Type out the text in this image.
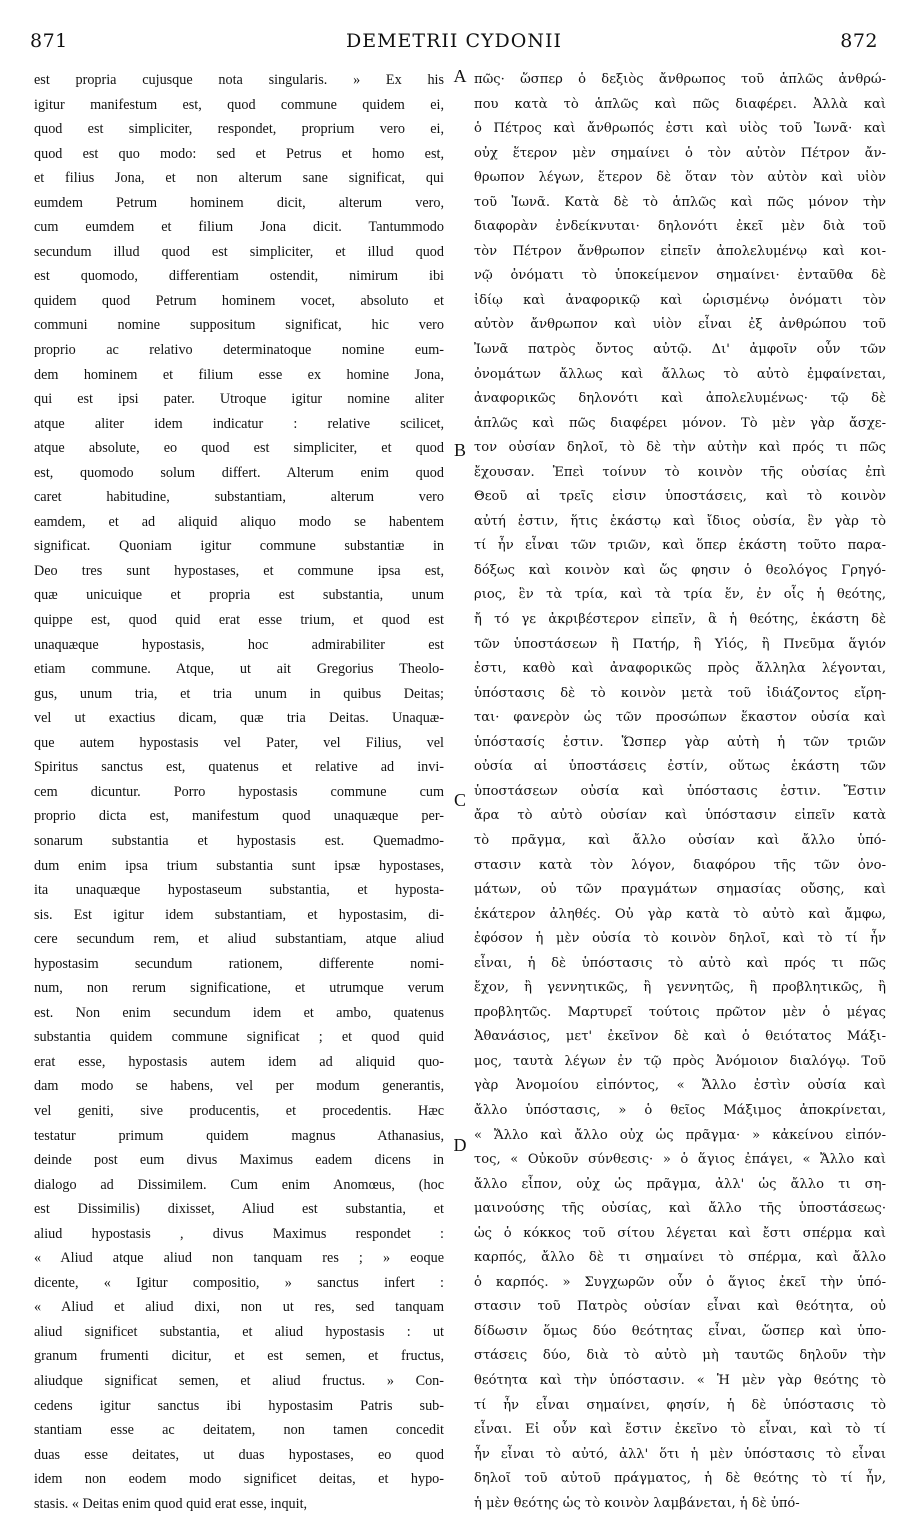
871	DEMETRII CYDONII	872
est propria cujusque nota singularis. » Ex his
igitur manifestum est, quod commune quidem ei,
quod est simpliciter, respondet, proprium vero ei,
quod est quo modo: sed et Petrus et homo est,
et filius Jona, et non alterum sane significat, qui
eumdem Petrum hominem dicit, alterum vero,
cum eumdem et filium Jona dicit. Tantummodo
secundum illud quod est simpliciter, et illud quod
est quomodo, differentiam ostendit, nimirum ibi
quidem quod Petrum hominem vocet, absoluto et
communi nomine suppositum significat, hic vero
proprio ac relativo determinatoque nomine eum-
dem hominem et filium esse ex homine Jona,
qui est ipsi pater. Utroque igitur nomine aliter
atque aliter idem indicatur : relative scilicet,
atque absolute, eo quod est simpliciter, et quod
est, quomodo solum differt. Alterum enim quod
caret habitudine, substantiam, alterum vero
eamdem, et ad aliquid aliquo modo se habentem
significat. Quoniam igitur commune substantiæ in
Deo tres sunt hypostases, et commune ipsa est,
quæ unicuique et propria est substantia, unum
quippe est, quod quid erat esse trium, et quod est
unaquæque hypostasis, hoc admirabiliter est
etiam commune. Atque, ut ait Gregorius Theolo-
gus, unum tria, et tria unum in quibus Deitas;
vel ut exactius dicam, quæ tria Deitas. Unaquæ-
que autem hypostasis vel Pater, vel Filius, vel
Spiritus sanctus est, quatenus et relative ad invi-
cem dicuntur. Porro hypostasis commune cum
proprio dicta est, manifestum quod unaquæque per-
sonarum substantia et hypostasis est. Quemadmo-
dum enim ipsa trium substantia sunt ipsæ hypostases,
ita unaquæque hypostaseum substantia, et hyposta-
sis. Est igitur idem substantiam, et hypostasim, di-
cere secundum rem, et aliud substantiam, atque aliud
hypostasim secundum rationem, differente nomi-
num, non rerum significatione, et utrumque verum
est. Non enim secundum idem et ambo, quatenus
substantia quidem commune significat ; et quod quid
erat esse, hypostasis autem idem ad aliquid quo-
dam modo se habens, vel per modum generantis,
vel geniti, sive producentis, et procedentis. Hæc
testatur primum quidem magnus Athanasius,
deinde post eum divus Maximus eadem dicens in
dialogo ad Dissimilem. Cum enim Anomœus, (hoc
est Dissimilis) dixisset, Aliud est substantia, et
aliud hypostasis , divus Maximus respondet :
« Aliud atque aliud non tanquam res ; » eoque
dicente, « Igitur compositio, » sanctus infert :
« Aliud et aliud dixi, non ut res, sed tanquam
aliud significet substantia, et aliud hypostasis : ut
granum frumenti dicitur, et est semen, et fructus,
aliudque significat semen, et aliud fructus. » Con-
cedens igitur sanctus ibi hypostasim Patris sub-
stantiam esse ac deitatem, non tamen concedit
duas esse deitates, ut duas hypostases, eo quod
idem non eodem modo significet deitas, et hypo-
stasis. « Deitas enim quod quid erat esse, inquit,
πῶς· ὥσπερ ὁ δεξιὸς ἄνθρωπος τοῦ ἁπλῶς ἀνθρώ-
που κατὰ τὸ ἁπλῶς καὶ πῶς διαφέρει. Ἀλλὰ καὶ
ὁ Πέτρος καὶ ἄνθρωπός ἐστι καὶ υἱὸς τοῦ Ἰωνᾶ· καὶ
οὐχ ἕτερον μὲν σημαίνει ὁ τὸν αὐτὸν Πέτρον ἄν-
θρωπον λέγων, ἕτερον δὲ ὅταν τὸν αὐτὸν καὶ υἱὸν
τοῦ Ἰωνᾶ. Κατὰ δὲ τὸ ἁπλῶς καὶ πῶς μόνον τὴν
διαφορὰν ἐνδείκνυται· δηλονότι ἐκεῖ μὲν διὰ τοῦ
τὸν Πέτρον ἄνθρωπον εἰπεῖν ἀπολελυμένῳ καὶ κοι-
νῷ ὀνόματι τὸ ὑποκείμενον σημαίνει· ἐνταῦθα δὲ
ἰδίῳ καὶ ἀναφορικῷ καὶ ὡρισμένῳ ὀνόματι τὸν
αὐτὸν ἄνθρωπον καὶ υἱὸν εἶναι ἐξ ἀνθρώπου τοῦ
Ἰωνᾶ πατρὸς ὄντος αὐτῷ. Δι' ἀμφοῖν οὖν τῶν
ὀνομάτων ἄλλως καὶ ἄλλως τὸ αὐτὸ ἐμφαίνεται,
ἀναφορικῶς δηλονότι καὶ ἀπολελυμένως· τῷ δὲ
ἁπλῶς καὶ πῶς διαφέρει μόνον. Τὸ μὲν γὰρ ἄσχε-
τον οὐσίαν δηλοῖ, τὸ δὲ τὴν αὐτὴν καὶ πρός τι πῶς
ἔχουσαν. Ἐπεὶ τοίνυν τὸ κοινὸν τῆς οὐσίας ἐπὶ
Θεοῦ αἱ τρεῖς εἰσιν ὑποστάσεις, καὶ τὸ κοινὸν
αὐτή ἐστιν, ἥτις ἑκάστῳ καὶ ἴδιος οὐσία, ἓν γὰρ τὸ
τί ἦν εἶναι τῶν τριῶν, καὶ ὅπερ ἑκάστη τοῦτο παρα-
δόξως καὶ κοινὸν καὶ ὥς φησιν ὁ θεολόγος Γρηγό-
ριος, ἓν τὰ τρία, καὶ τὰ τρία ἕν, ἐν οἷς ἡ θεότης,
ἤ τό γε ἀκριβέστερον εἰπεῖν, ἃ ἡ θεότης, ἑκάστη δὲ
τῶν ὑποστάσεων ἢ Πατήρ, ἢ Υἱός, ἢ Πνεῦμα ἅγιόν
ἐστι, καθὸ καὶ ἀναφορικῶς πρὸς ἄλληλα λέγονται,
ὑπόστασις δὲ τὸ κοινὸν μετὰ τοῦ ἰδιάζοντος εἴρη-
ται· φανερὸν ὡς τῶν προσώπων ἕκαστον οὐσία καὶ
ὑπόστασίς ἐστιν. Ὥσπερ γὰρ αὐτὴ ἡ τῶν τριῶν
οὐσία αἱ ὑποστάσεις ἐστίν, οὕτως ἑκάστη τῶν
ὑποστάσεων οὐσία καὶ ὑπόστασις ἐστιν. Ἔστιν
ἄρα τὸ αὐτὸ οὐσίαν καὶ ὑπόστασιν εἰπεῖν κατὰ
τὸ πρᾶγμα, καὶ ἄλλο οὐσίαν καὶ ἄλλο ὑπό-
στασιν κατὰ τὸν λόγον, διαφόρου τῆς τῶν ὀνο-
μάτων, οὐ τῶν πραγμάτων σημασίας οὔσης, καὶ
ἑκάτερον ἀληθές. Οὐ γὰρ κατὰ τὸ αὐτὸ καὶ ἄμφω,
ἐφόσον ἡ μὲν οὐσία τὸ κοινὸν δηλοῖ, καὶ τὸ τί ἦν
εἶναι, ἡ δὲ ὑπόστασις τὸ αὐτὸ καὶ πρός τι πῶς
ἔχον, ἢ γεννητικῶς, ἢ γεννητῶς, ἢ προβλητικῶς, ἢ
προβλητῶς. Μαρτυρεῖ τούτοις πρῶτον μὲν ὁ μέγας
Ἀθανάσιος, μετ' ἐκεῖνον δὲ καὶ ὁ θειότατος Μάξι-
μος, ταυτὰ λέγων ἐν τῷ πρὸς Ἀνόμοιον διαλόγῳ. Τοῦ
γὰρ Ἀνομοίου εἰπόντος, « Ἄλλο ἐστὶν οὐσία καὶ
ἄλλο ὑπόστασις, » ὁ θεῖος Μάξιμος ἀποκρίνεται,
« Ἄλλο καὶ ἄλλο οὐχ ὡς πρᾶγμα· » κἀκείνου εἰπόν-
τος, « Οὐκοῦν σύνθεσις· » ὁ ἅγιος ἐπάγει, « Ἄλλο καὶ
ἄλλο εἶπον, οὐχ ὡς πρᾶγμα, ἀλλ' ὡς ἄλλο τι ση-
μαινούσης τῆς οὐσίας, καὶ ἄλλο τῆς ὑποστάσεως·
ὡς ὁ κόκκος τοῦ σίτου λέγεται καὶ ἔστι σπέρμα καὶ
καρπός, ἄλλο δὲ τι σημαίνει τὸ σπέρμα, καὶ ἄλλο
ὁ καρπός. » Συγχωρῶν οὖν ὁ ἅγιος ἐκεῖ τὴν ὑπό-
στασιν τοῦ Πατρὸς οὐσίαν εἶναι καὶ θεότητα, οὐ
δίδωσιν ὅμως δύο θεότητας εἶναι, ὥσπερ καὶ ὑπο-
στάσεις δύο, διὰ τὸ αὐτὸ μὴ ταυτῶς δηλοῦν τὴν
θεότητα καὶ τὴν ὑπόστασιν. « Ἡ μὲν γὰρ θεότης τὸ
τί ἦν εἶναι σημαίνει, φησίν, ἡ δὲ ὑπόστασις τὸ
εἶναι. Εἰ οὖν καὶ ἔστιν ἐκεῖνο τὸ εἶναι, καὶ τὸ τί
ἦν εἶναι τὸ αὐτό, ἀλλ' ὅτι ἡ μὲν ὑπόστασις τὸ εἶναι
δηλοῖ τοῦ αὐτοῦ πράγματος, ἡ δὲ θεότης τὸ τί ἦν,
ἡ μὲν θεότης ὡς τὸ κοινὸν λαμβάνεται, ἡ δὲ ὑπό-
A
B
C
D
